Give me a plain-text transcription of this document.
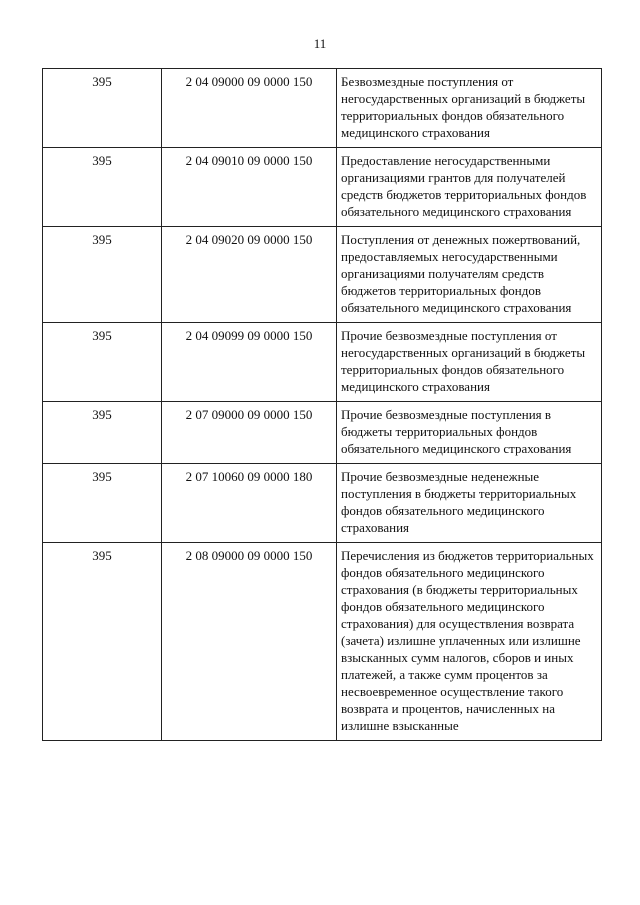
11
395	2 04 09000 09 0000 150	Безвозмездные поступления от негосударственных организаций в бюджеты территориальных фондов обязательного медицинского страхования
395	2 04 09010 09 0000 150	Предоставление негосударственными организациями грантов для получателей средств бюджетов территориальных фондов обязательного медицинского страхования
395	2 04 09020 09 0000 150	Поступления от денежных пожертвований, предоставляемых негосударственными организациями получателям средств бюджетов территориальных фондов обязательного медицинского страхования
395	2 04 09099 09 0000 150	Прочие безвозмездные поступления от негосударственных организаций в бюджеты территориальных фондов обязательного медицинского страхования
395	2 07 09000 09 0000 150	Прочие безвозмездные поступления в бюджеты территориальных фондов обязательного медицинского страхования
395	2 07 10060 09 0000 180	Прочие безвозмездные неденежные поступления в бюджеты территориальных фондов обязательного медицинского страхования
395	2 08 09000 09 0000 150	Перечисления из бюджетов территориальных фондов обязательного медицинского страхования (в бюджеты территориальных фондов обязательного медицинского страхования) для осуществления возврата (зачета) излишне уплаченных или излишне взысканных сумм налогов, сборов и иных платежей, а также сумм процентов за несвоевременное осуществление такого возврата и процентов, начисленных на излишне взысканные
